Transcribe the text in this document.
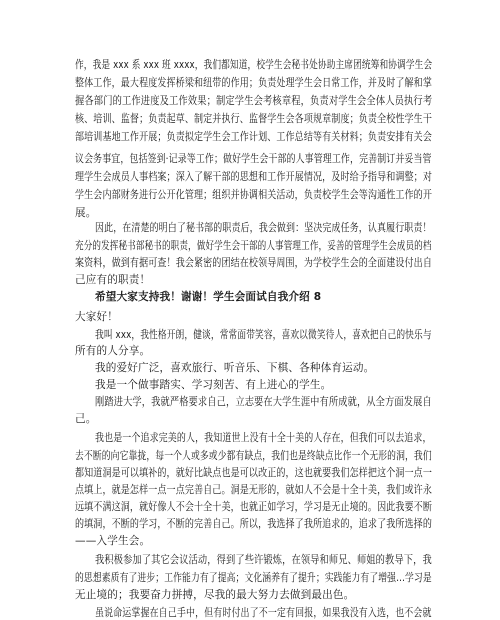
作，我是 xxx 系 xxx 班 xxxx，我们都知道，校学生会秘书处协助主席团统筹和协调学生会
整体工作，最大程度发挥桥梁和纽带的作用；负责处理学生会日常工作，并及时了解和掌
握各部门的工作进度及工作效果；制定学生会考核章程，负责对学生会全体人员执行考
核、培训、监督；负责起草、制定并执行、监督学生会各项规章制度；负责全校性学生干
部培训基地工作开展；负责拟定学生会工作计划、工作总结等有关材料；负责安排有关会
议会务事宜，包括签到·记录等工作；做好学生会干部的人事管理工作，完善制订并妥当管
理学生会成员人事档案；深入了解干部的思想和工作开展情况，及时给予指导和调整；对
学生会内部财务进行公开化管理；组织并协调相关活动，负责校学生会等沟通性工作的开
展。
因此，在清楚的明白了秘书部的职责后，我会做到：坚决完成任务，认真履行职责！
充分的发挥秘书部秘书的职责，做好学生会干部的人事管理工作，妥善的管理学生会成员的档
案资料，做到有据可查！我会紧密的团结在校领导周围，为学校学生会的全面建设付出自
己应有的职责！
希望大家支持我！谢谢！学生会面试自我介绍 8
大家好！
我叫 xxx，我性格开朗，健谈，常常面带笑容，喜欢以微笑待人，喜欢把自己的快乐与
所有的人分享。
我的爱好广泛，喜欢旅行、听音乐、下棋、各种体育运动。
我是一个做事踏实、学习刻苦、有上进心的学生。
刚踏进大学，我就严格要求自己，立志要在大学生涯中有所成就，从全方面发展自
己。
我也是一个追求完美的人，我知道世上没有十全十美的人存在，但我们可以去追求，
去不断的向它靠拢，每一个人或多或少都有缺点，我们也是终缺点比作一个无形的洞，我们
都知道洞是可以填补的，就好比缺点也是可以改正的，这也就要我们怎样把这个洞一点一
点填上，就是怎样一点一点完善自己。洞是无形的，就如人不会是十全十美，我们或许永
远填不满这洞，就好像人不会十全十美，也就正如学习，学习是无止境的。因此我要不断
的填洞，不断的学习，不断的完善自己。所以，我选择了我所追求的，追求了我所选择的
——入学生会。
我积极参加了其它会议活动，得到了些许锻炼，在领导和师兄、师姐的教导下，我
的思想素质有了进步；工作能力有了提高；文化涵养有了提升；实践能力有了增强…学习是
无止境的；我要奋力拼搏，尽我的最大努力去做到最出色。
虽说命运掌握在自己手中，但有时付出了不一定有回报，如果我没有入选，也不会就
